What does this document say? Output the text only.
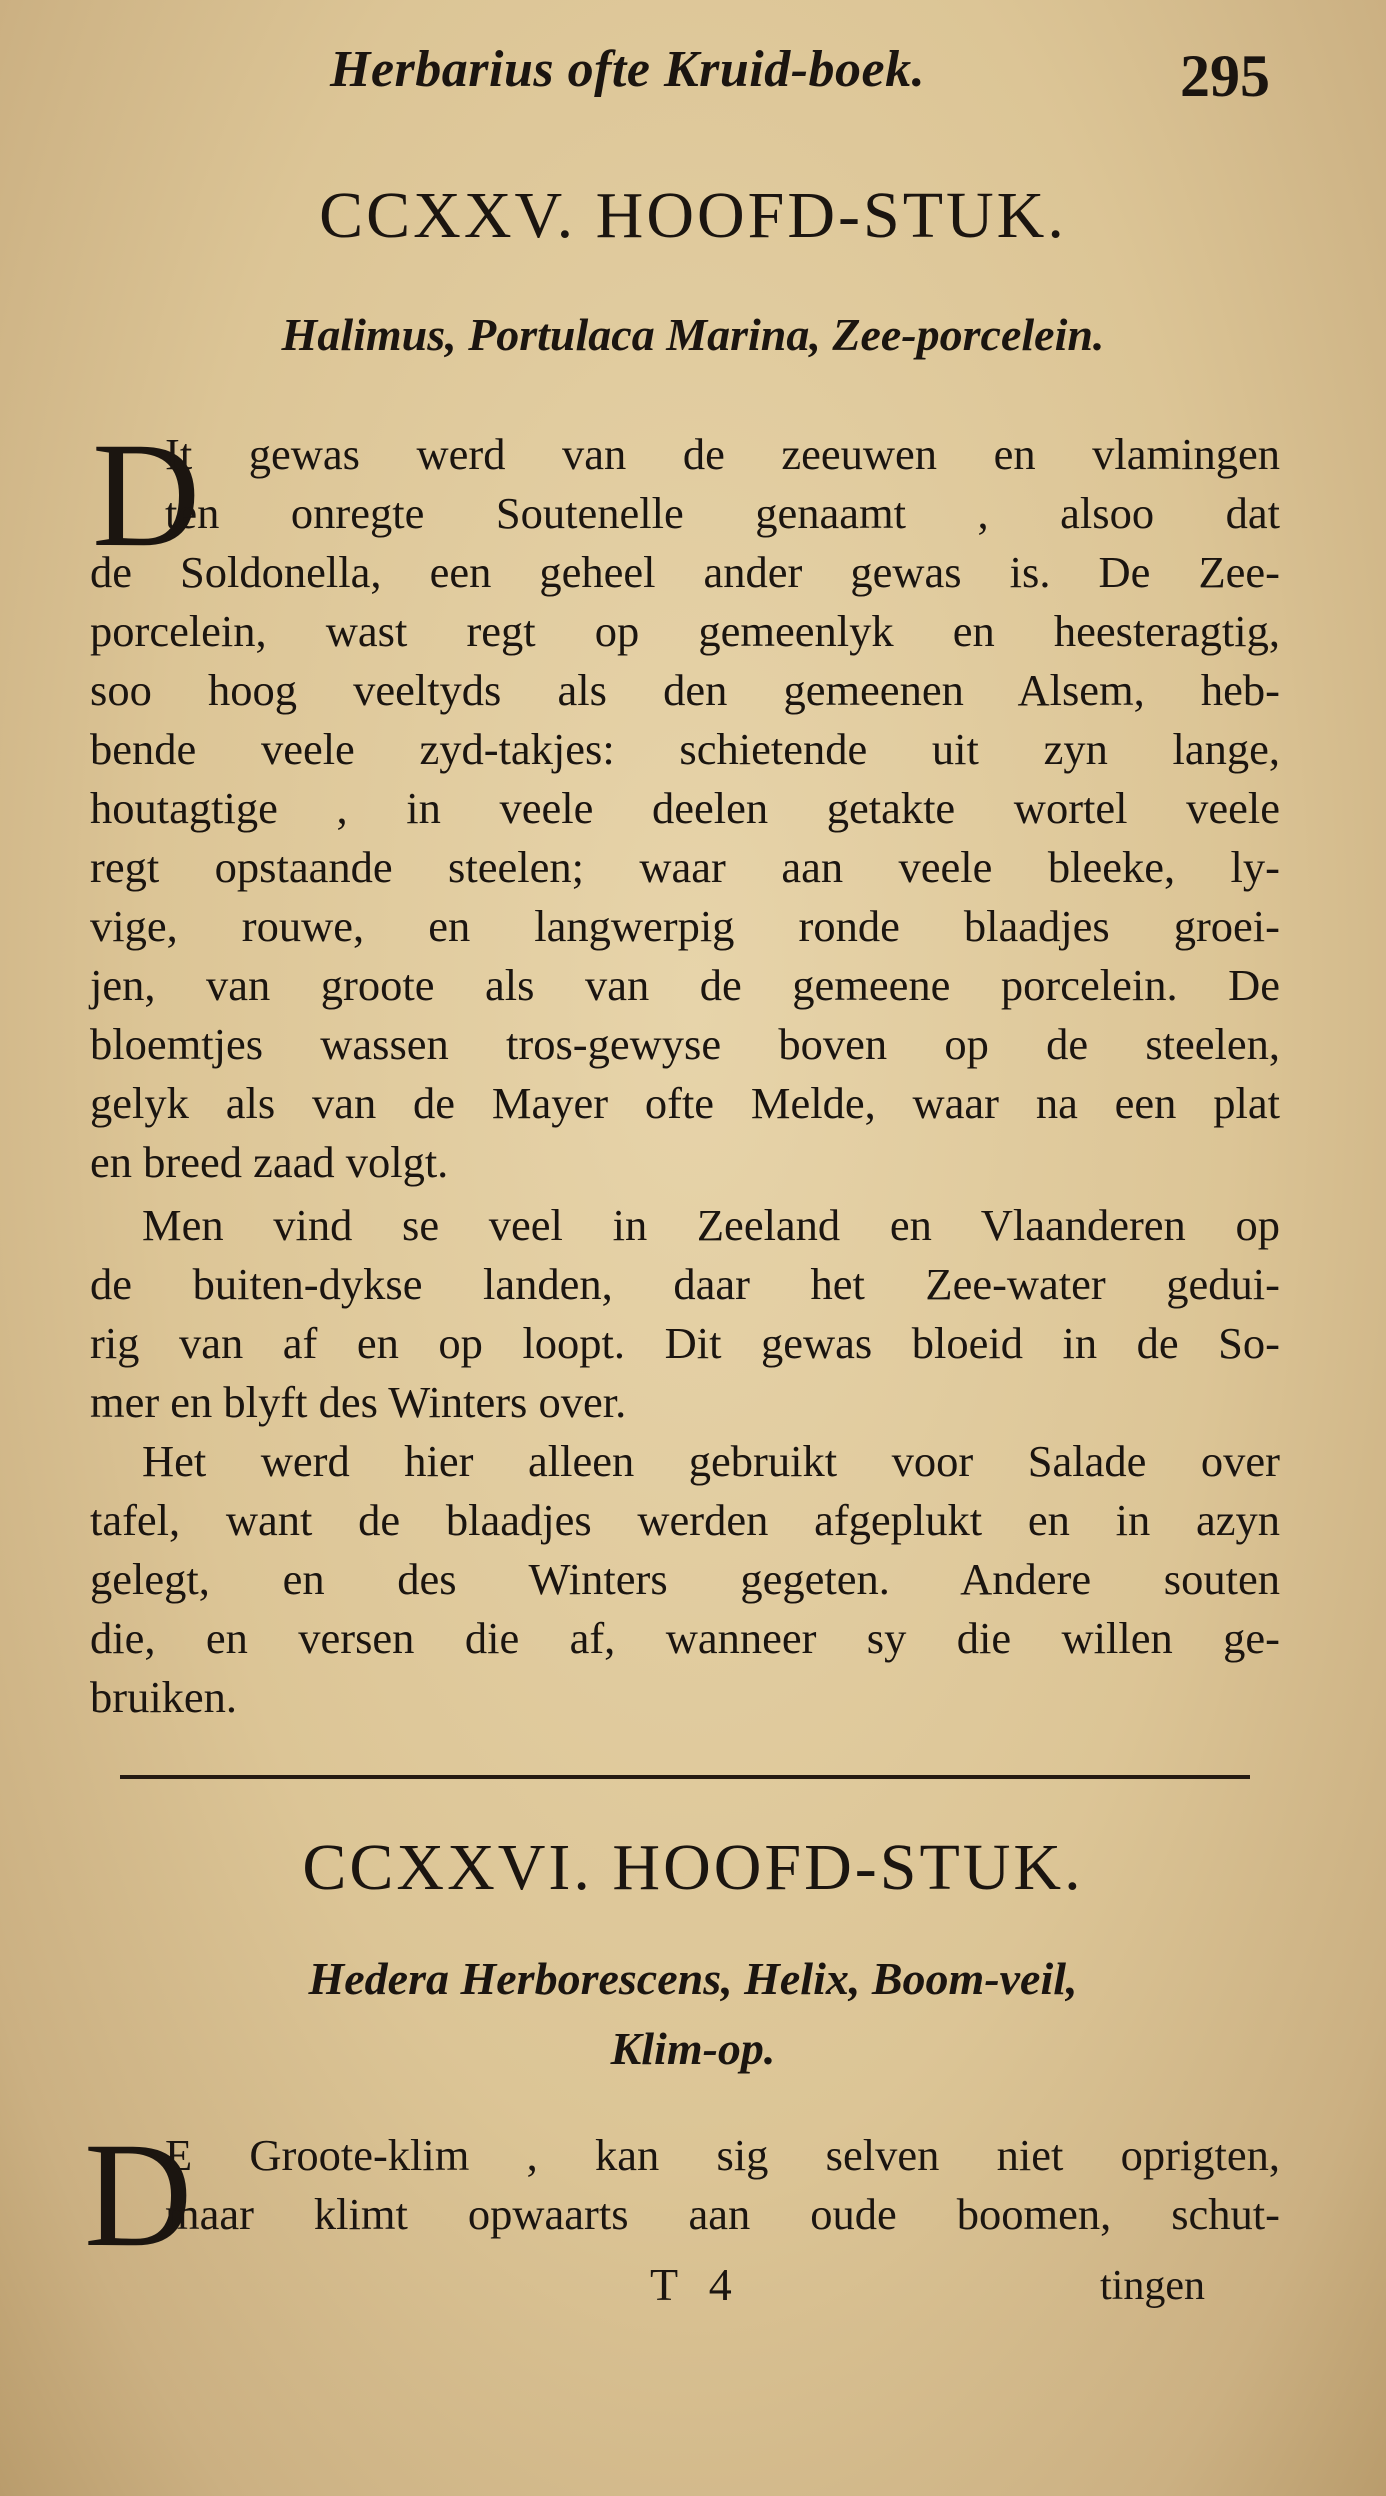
Herbarius ofte Kruid-boek.	295
CCXXV. HOOFD-STUK.
Halimus, Portulaca Marina, Zee-porcelein.
D
It gewas werd van de zeeuwen en vlamingen
ten onregte Soutenelle genaamt , alsoo dat
de Soldonella, een geheel ander gewas is. De Zee-
porcelein, wast regt op gemeenlyk en heesteragtig,
soo hoog veeltyds als den gemeenen Alsem, heb-
bende veele zyd-takjes: schietende uit zyn lange,
houtagtige , in veele deelen getakte wortel veele
regt opstaande steelen; waar aan veele bleeke, ly-
vige, rouwe, en langwerpig ronde blaadjes groei-
jen, van groote als van de gemeene porcelein. De
bloemtjes wassen tros-gewyse boven op de steelen,
gelyk als van de Mayer ofte Melde, waar na een plat
en breed zaad volgt.
Men vind se veel in Zeeland en Vlaanderen op
de buiten-dykse landen, daar het Zee-water gedui-
rig van af en op loopt. Dit gewas bloeid in de So-
mer en blyft des Winters over.
Het werd hier alleen gebruikt voor Salade over
tafel, want de blaadjes werden afgeplukt en in azyn
gelegt, en des Winters gegeten. Andere souten
die, en versen die af, wanneer sy die willen ge-
bruiken.
CCXXVI. HOOFD-STUK.
Hedera Herborescens, Helix, Boom-veil,
Klim-op.
D
E Groote-klim , kan sig selven niet oprigten,
maar klimt opwaarts aan oude boomen, schut-
T 4	tingen
